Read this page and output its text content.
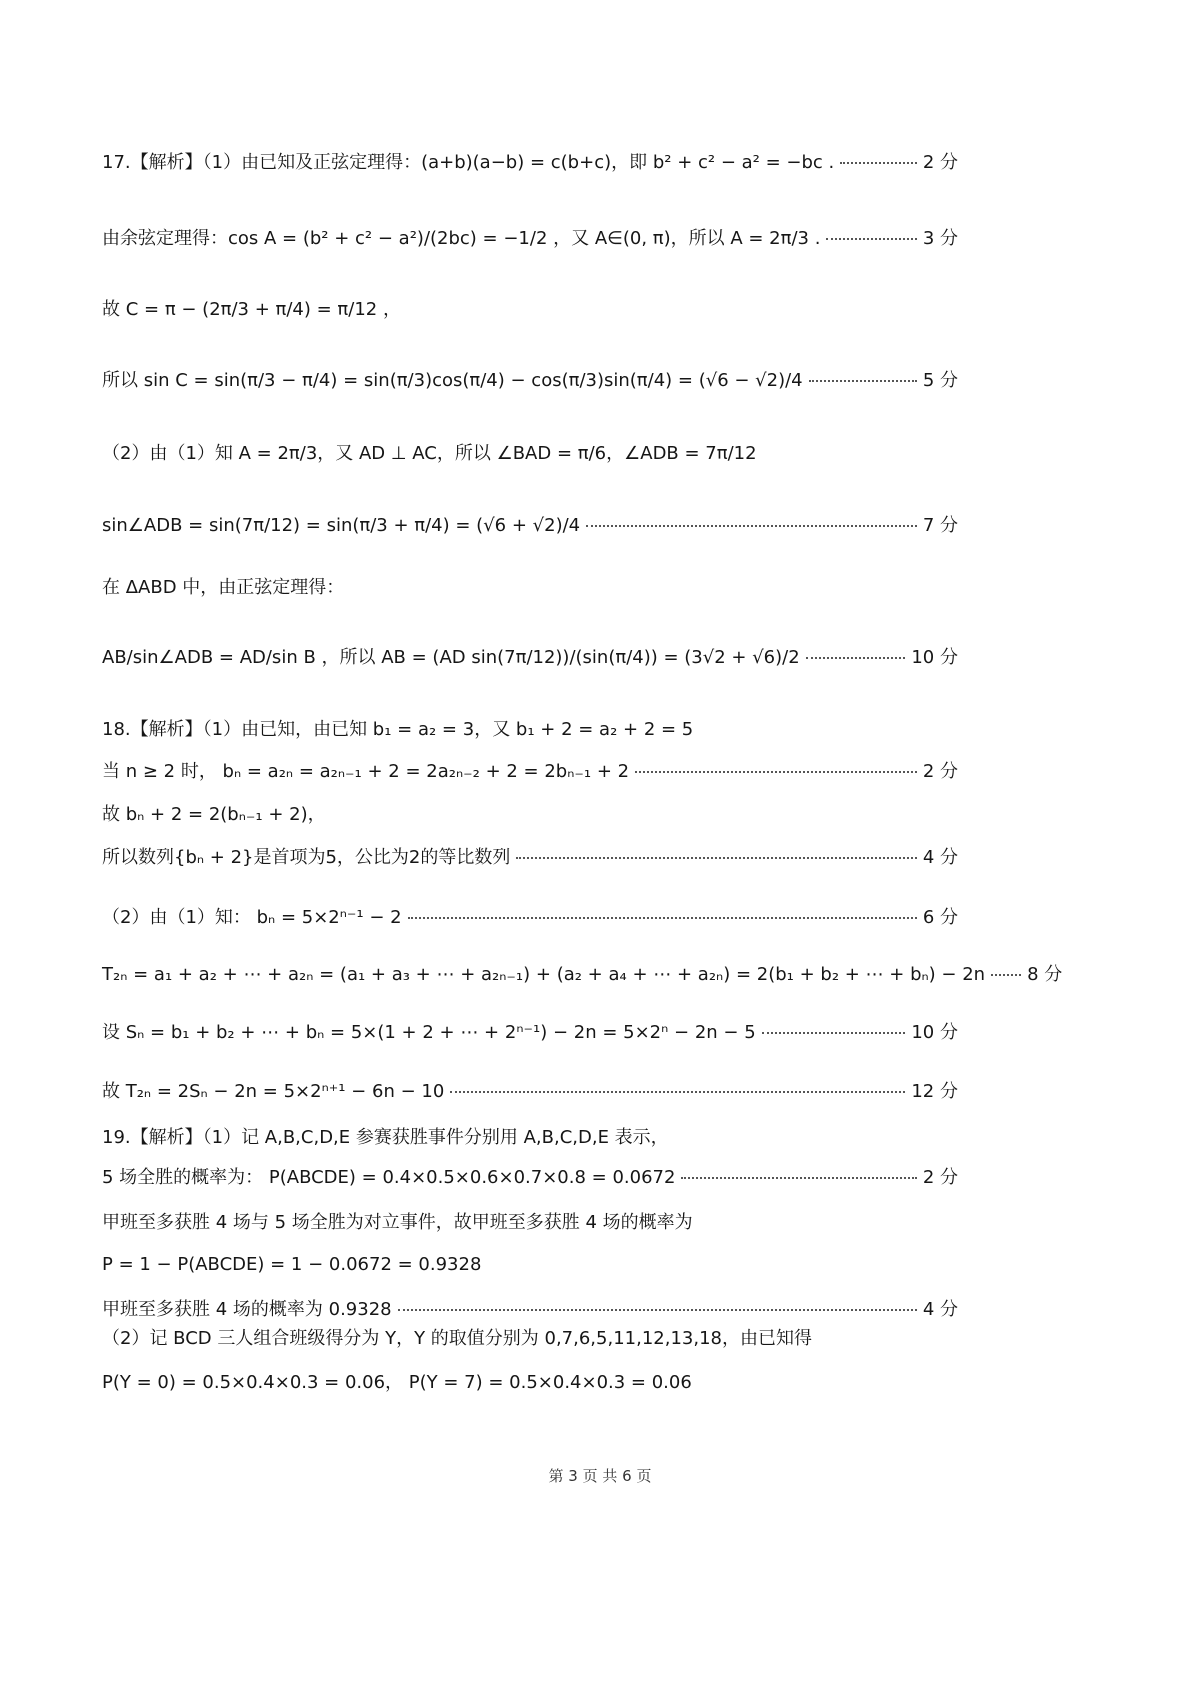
17.【解析】（1）由已知及正弦定理得：(a+b)(a−b) = c(b+c)，即 b² + c² − a² = −bc .	2 分
由余弦定理得：cos A = (b² + c² − a²)/(2bc) = −1/2 ，又 A∈(0, π)，所以 A = 2π/3 .	3 分
故 C = π − (2π/3 + π/4) = π/12 ，
所以 sin C = sin(π/3 − π/4) = sin(π/3)cos(π/4) − cos(π/3)sin(π/4) = (√6 − √2)/4	5 分
（2）由（1）知 A = 2π/3，又 AD ⊥ AC，所以 ∠BAD = π/6，∠ADB = 7π/12
sin∠ADB = sin(7π/12) = sin(π/3 + π/4) = (√6 + √2)/4	7 分
在 ΔABD 中，由正弦定理得：
AB/sin∠ADB = AD/sin B ，所以 AB = (AD sin(7π/12))/(sin(π/4)) = (3√2 + √6)/2	10 分
18.【解析】（1）由已知，由已知 b₁ = a₂ = 3，又 b₁ + 2 = a₂ + 2 = 5
当 n ≥ 2 时， bₙ = a₂ₙ = a₂ₙ₋₁ + 2 = 2a₂ₙ₋₂ + 2 = 2bₙ₋₁ + 2	2 分
故 bₙ + 2 = 2(bₙ₋₁ + 2)，
所以数列{bₙ + 2}是首项为5，公比为2的等比数列	4 分
（2）由（1）知： bₙ = 5×2ⁿ⁻¹ − 2	6 分
T₂ₙ = a₁ + a₂ + ⋯ + a₂ₙ = (a₁ + a₃ + ⋯ + a₂ₙ₋₁) + (a₂ + a₄ + ⋯ + a₂ₙ) = 2(b₁ + b₂ + ⋯ + bₙ) − 2n 8 分
设 Sₙ = b₁ + b₂ + ⋯ + bₙ = 5×(1 + 2 + ⋯ + 2ⁿ⁻¹) − 2n = 5×2ⁿ − 2n − 5	10 分
故 T₂ₙ = 2Sₙ − 2n = 5×2ⁿ⁺¹ − 6n − 10	12 分
19.【解析】（1）记 A,B,C,D,E 参赛获胜事件分别用 A,B,C,D,E 表示，
5 场全胜的概率为： P(ABCDE) = 0.4×0.5×0.6×0.7×0.8 = 0.0672	2 分
甲班至多获胜 4 场与 5 场全胜为对立事件，故甲班至多获胜 4 场的概率为
P = 1 − P(ABCDE) = 1 − 0.0672 = 0.9328
甲班至多获胜 4 场的概率为 0.9328	4 分
（2）记 BCD 三人组合班级得分为 Y，Y 的取值分别为 0,7,6,5,11,12,13,18，由已知得
P(Y = 0) = 0.5×0.4×0.3 = 0.06， P(Y = 7) = 0.5×0.4×0.3 = 0.06
第 3 页 共 6 页
